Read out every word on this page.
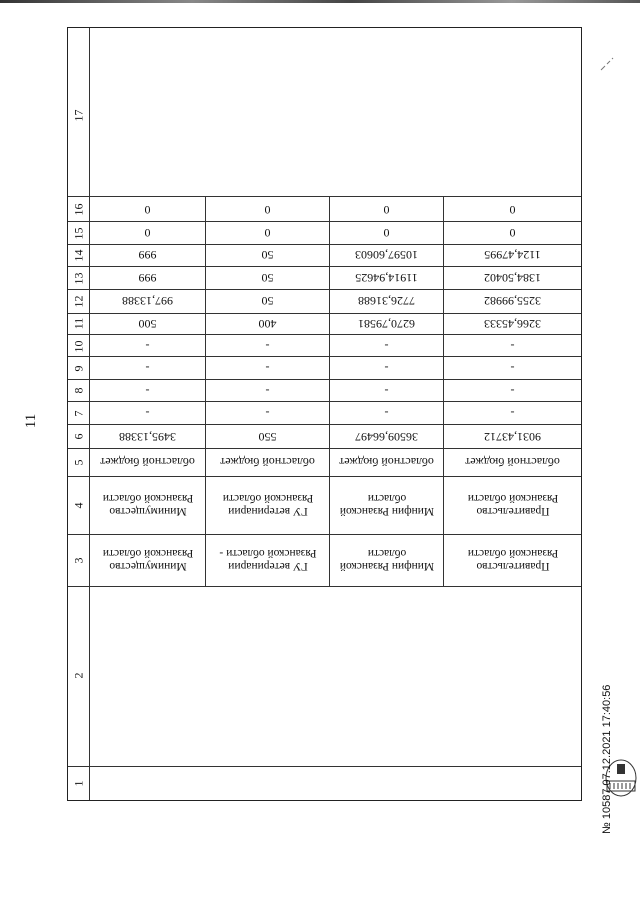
11
17
16
15
14
13
12
11
10
9
8
7
6
5
4
3
2
1
0
0
999
999
997,13388
500
-
-
-
-
3495,13388
областной бюджет
Минимущество Рязанской области
Минимущество Рязанской области
0
0
50
50
50
400
-
-
-
-
550
областной бюджет
ГУ ветеринарии Рязанской области
ГУ ветеринарии Рязанской области -
0
0
10597,60603
11914,94625
7726,31688
6270,79581
-
-
-
-
36509,66497
областной бюджет
Минфин Рязанской области
Минфин Рязанской области
0
0
1124,47995
1384,50402
3255,99982
3266,45333
-
-
-
-
9031,43712
областной бюджет
Правительство Рязанской области
Правительство Рязанской области
№ 10587 07.12.2021 17:40:56
